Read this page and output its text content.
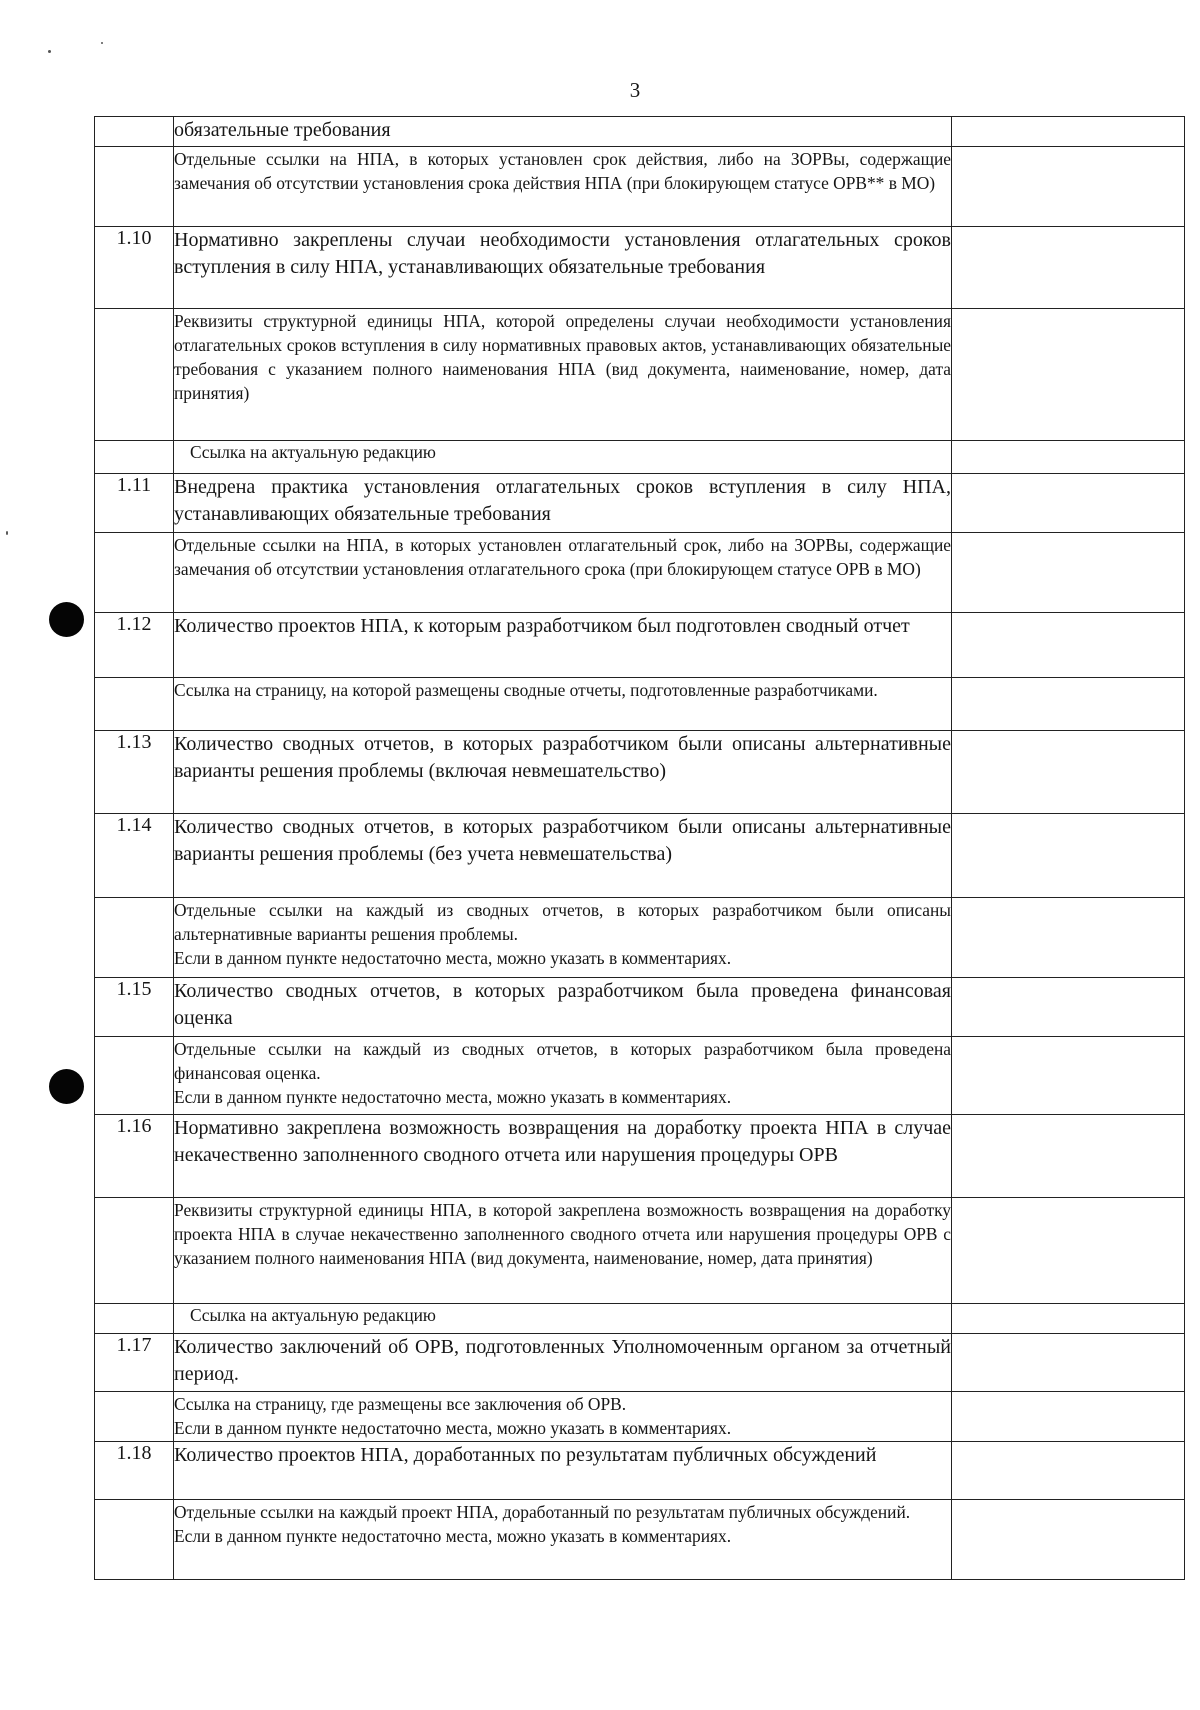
3

	обязательные требования	

	Отдельные ссылки на НПА, в которых установлен срок действия, либо на ЗОРВы, содержащие замечания об отсутствии установления срока действия НПА (при блокирующем статусе ОРВ** в МО)	

1.10	Нормативно закреплены случаи необходимости установления отлагательных сроков вступления в силу НПА, устанавливающих обязательные требования	

	Реквизиты структурной единицы НПА, которой определены случаи необходимости установления отлагательных сроков вступления в силу нормативных правовых актов, устанавливающих обязательные требования с указанием полного наименования НПА (вид документа, наименование, номер, дата принятия)	

	Ссылка на актуальную редакцию	

1.11	Внедрена практика установления отлагательных сроков вступления в силу НПА, устанавливающих обязательные требования	

	Отдельные ссылки на НПА, в которых установлен отлагательный срок, либо на ЗОРВы, содержащие замечания об отсутствии установления отлагательного срока (при блокирующем статусе ОРВ в МО)	

1.12	Количество проектов НПА, к которым разработчиком был подготовлен сводный отчет	

	Ссылка на страницу, на которой размещены сводные отчеты, подготовленные разработчиками.	

1.13	Количество сводных отчетов, в которых разработчиком были описаны альтернативные варианты решения проблемы (включая невмешательство)	

1.14	Количество сводных отчетов, в которых разработчиком были описаны альтернативные варианты решения проблемы (без учета невмешательства)	

	Отдельные ссылки на каждый из сводных отчетов, в которых разработчиком были описаны альтернативные варианты решения проблемы.
Если в данном пункте недостаточно места, можно указать в комментариях.	

1.15	Количество сводных отчетов, в которых разработчиком была проведена финансовая оценка	

	Отдельные ссылки на каждый из сводных отчетов, в которых разработчиком была проведена финансовая оценка.
Если в данном пункте недостаточно места, можно указать в комментариях.	

1.16	Нормативно закреплена возможность возвращения на доработку проекта НПА в случае некачественно заполненного сводного отчета или нарушения процедуры ОРВ	

	Реквизиты структурной единицы НПА, в которой закреплена возможность возвращения на доработку проекта НПА в случае некачественно заполненного сводного отчета или нарушения процедуры ОРВ с указанием полного наименования НПА (вид документа, наименование, номер, дата принятия)	

	Ссылка на актуальную редакцию	

1.17	Количество заключений об ОРВ, подготовленных Уполномоченным органом за отчетный период.	

	Ссылка на страницу, где размещены все заключения об ОРВ.
Если в данном пункте недостаточно места, можно указать в комментариях.	

1.18	Количество проектов НПА, доработанных по результатам публичных обсуждений	

	Отдельные ссылки на каждый проект НПА, доработанный по результатам публичных обсуждений.
Если в данном пункте недостаточно места, можно указать в комментариях.	
